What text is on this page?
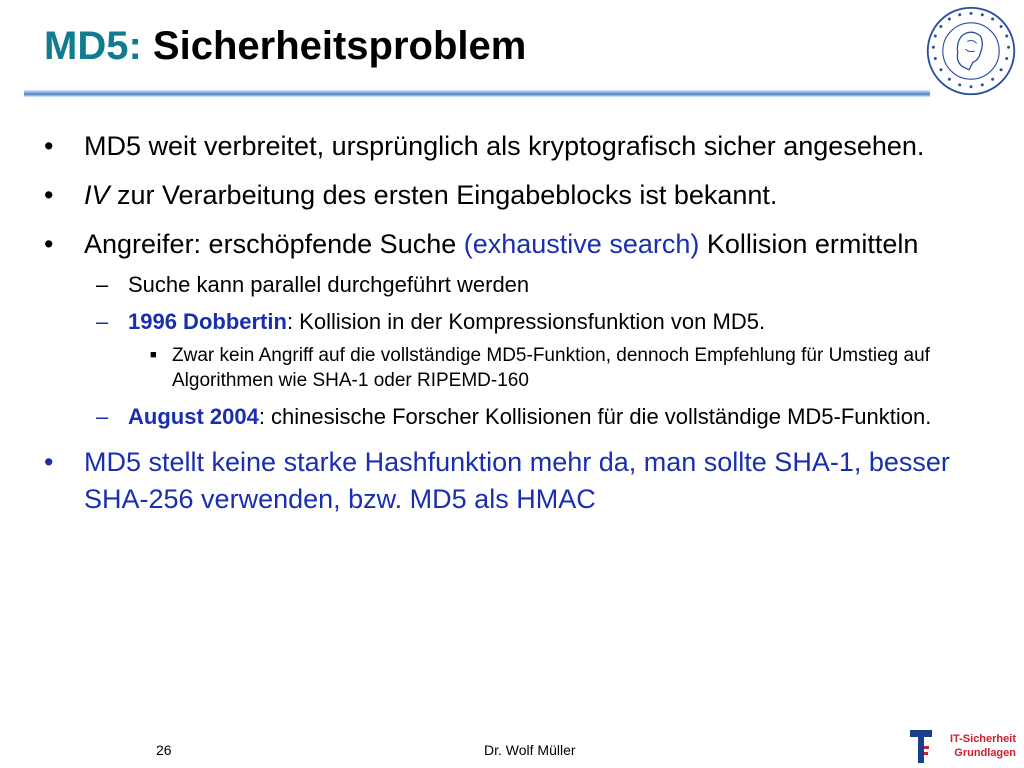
MD5: Sicherheitsproblem
• MD5 weit verbreitet, ursprünglich als kryptografisch sicher angesehen.
• IV zur Verarbeitung des ersten Eingabeblocks ist bekannt.
• Angreifer: erschöpfende Suche (exhaustive search) Kollision ermitteln
– Suche kann parallel durchgeführt werden
– 1996 Dobbertin: Kollision in der Kompressionsfunktion von MD5.
■ Zwar kein Angriff auf die vollständige MD5-Funktion, dennoch Empfehlung für Umstieg auf Algorithmen wie SHA-1 oder RIPEMD-160
– August 2004: chinesische Forscher Kollisionen für die vollständige MD5-Funktion.
• MD5 stellt keine starke Hashfunktion mehr da, man sollte SHA-1, besser SHA-256 verwenden, bzw. MD5 als HMAC
26	Dr. Wolf Müller
IT-Sicherheit
Grundlagen
